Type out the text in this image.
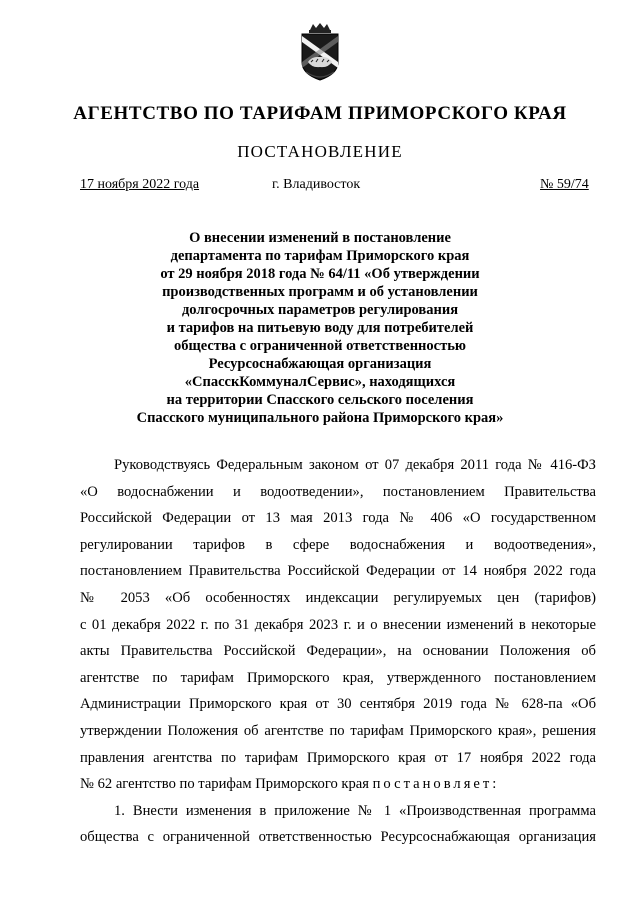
АГЕНТСТВО ПО ТАРИФАМ ПРИМОРСКОГО КРАЯ
ПОСТАНОВЛЕНИЕ
17 ноября 2022 года	г. Владивосток	№ 59/74
О внесении изменений в постановление
департамента по тарифам Приморского края
от 29 ноября 2018 года № 64/11 «Об утверждении
производственных программ и об установлении
долгосрочных параметров регулирования
и тарифов на питьевую воду для потребителей
общества с ограниченной ответственностью
Ресурсоснабжающая организация
«СпасскКоммуналСервис», находящихся
на территории Спасского сельского поселения
Спасского муниципального района Приморского края»
Руководствуясь Федеральным законом от 07 декабря 2011 года № 416-ФЗ
«О водоснабжении и водоотведении», постановлением Правительства
Российской Федерации от 13 мая 2013 года № 406 «О государственном
регулировании тарифов в сфере водоснабжения и водоотведения»,
постановлением Правительства Российской Федерации от 14 ноября 2022 года
№ 2053 «Об особенностях индексации регулируемых цен (тарифов)
с 01 декабря 2022 г. по 31 декабря 2023 г. и о внесении изменений в некоторые
акты Правительства Российской Федерации», на основании Положения об
агентстве по тарифам Приморского края, утвержденного постановлением
Администрации Приморского края от 30 сентября 2019 года № 628-па «Об
утверждении Положения об агентстве по тарифам Приморского края», решения
правления агентства по тарифам Приморского края от 17 ноября 2022 года
№ 62 агентство по тарифам Приморского края постановляет:
1. Внести изменения в приложение № 1 «Производственная программа
общества с ограниченной ответственностью Ресурсоснабжающая организация
